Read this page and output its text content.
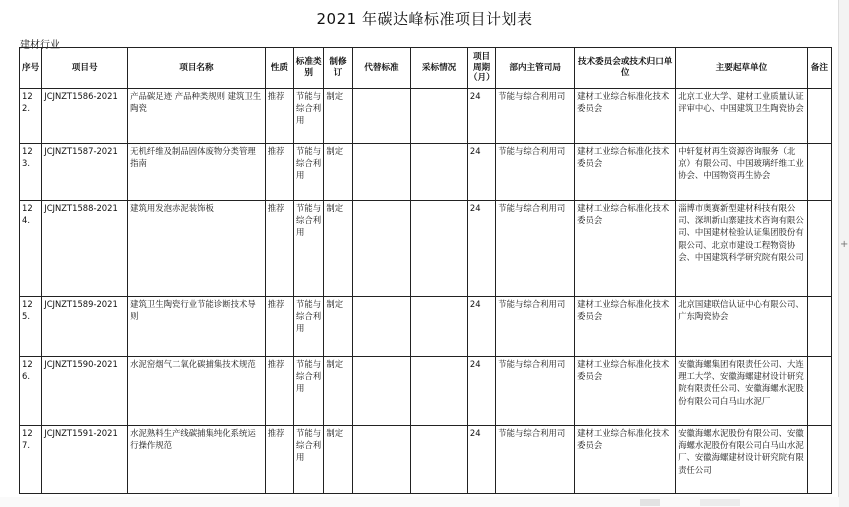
2021 年碳达峰标准项目计划表
建材行业
序号	项目号	项目名称	性质	标准类别	制修订	代替标准	采标情况	项目周期（月）	部内主管司局	技术委员会或技术归口单位	主要起草单位	备注
122.	JCJNZT1586-2021	产品碳足迹 产品种类规则 建筑卫生陶瓷	推荐	节能与综合利用	制定			24	节能与综合利用司	建材工业综合标准化技术委员会	北京工业大学、建材工业质量认证评审中心、中国建筑卫生陶瓷协会	
123.	JCJNZT1587-2021	无机纤维及制品固体废物分类管理指南	推荐	节能与综合利用	制定			24	节能与综合利用司	建材工业综合标准化技术委员会	中轩复材再生资源咨询服务（北京）有限公司、中国玻璃纤维工业协会、中国物资再生协会	
124.	JCJNZT1588-2021	建筑用发泡赤泥装饰板	推荐	节能与综合利用	制定			24	节能与综合利用司	建材工业综合标准化技术委员会	淄博市奥赛新型建材科技有限公司、深圳新山寨建技术咨询有限公司、中国建材检验认证集团股份有限公司、北京市建设工程物资协会、中国建筑科学研究院有限公司	
125.	JCJNZT1589-2021	建筑卫生陶瓷行业节能诊断技术导则	推荐	节能与综合利用	制定			24	节能与综合利用司	建材工业综合标准化技术委员会	北京国建联信认证中心有限公司、广东陶瓷协会	
126.	JCJNZT1590-2021	水泥窑烟气二氧化碳捕集技术规范	推荐	节能与综合利用	制定			24	节能与综合利用司	建材工业综合标准化技术委员会	安徽海螺集团有限责任公司、大连理工大学、安徽海螺建材设计研究院有限责任公司、安徽海螺水泥股份有限公司白马山水泥厂	
127.	JCJNZT1591-2021	水泥熟料生产线碳捕集纯化系统运行操作规范	推荐	节能与综合利用	制定			24	节能与综合利用司	建材工业综合标准化技术委员会	安徽海螺水泥股份有限公司、安徽海螺水泥股份有限公司白马山水泥厂、安徽海螺建材设计研究院有限责任公司	
+
